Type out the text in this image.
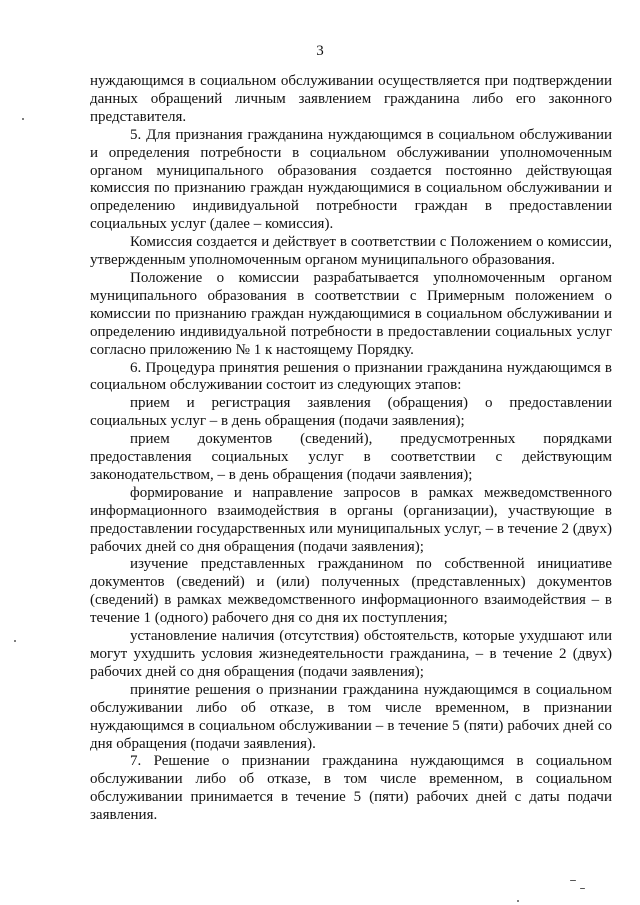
3

нуждающимся в социальном обслуживании осуществляется при подтверждении данных обращений личным заявлением гражданина либо его законного представителя.

5. Для признания гражданина нуждающимся в социальном обслуживании и определения потребности в социальном обслуживании уполномоченным органом муниципального образования создается постоянно действующая комиссия по признанию граждан нуждающимися в социальном обслуживании и определению индивидуальной потребности граждан в предоставлении социальных услуг (далее – комиссия).

Комиссия создается и действует в соответствии с Положением о комиссии, утвержденным уполномоченным органом муниципального образования.

Положение о комиссии разрабатывается уполномоченным органом муниципального образования в соответствии с Примерным положением о комиссии по признанию граждан нуждающимися в социальном обслуживании и определению индивидуальной потребности в предоставлении социальных услуг согласно приложению № 1 к настоящему Порядку.

6. Процедура принятия решения о признании гражданина нуждающимся в социальном обслуживании состоит из следующих этапов:

прием и регистрация заявления (обращения) о предоставлении социальных услуг – в день обращения (подачи заявления);

прием документов (сведений), предусмотренных порядками предоставления социальных услуг в соответствии с действующим законодательством, – в день обращения (подачи заявления);

формирование и направление запросов в рамках межведомственного информационного взаимодействия в органы (организации), участвующие в предоставлении государственных или муниципальных услуг, – в течение 2 (двух) рабочих дней со дня обращения (подачи заявления);

изучение представленных гражданином по собственной инициативе документов (сведений) и (или) полученных (представленных) документов (сведений) в рамках межведомственного информационного взаимодействия – в течение 1 (одного) рабочего дня со дня их поступления;

установление наличия (отсутствия) обстоятельств, которые ухудшают или могут ухудшить условия жизнедеятельности гражданина, – в течение 2 (двух) рабочих дней со дня обращения (подачи заявления);

принятие решения о признании гражданина нуждающимся в социальном обслуживании либо об отказе, в том числе временном, в признании нуждающимся в социальном обслуживании – в течение 5 (пяти) рабочих дней со дня обращения (подачи заявления).

7. Решение о признании гражданина нуждающимся в социальном обслуживании либо об отказе, в том числе временном, в социальном обслуживании принимается в течение 5 (пяти) рабочих дней с даты подачи заявления.
